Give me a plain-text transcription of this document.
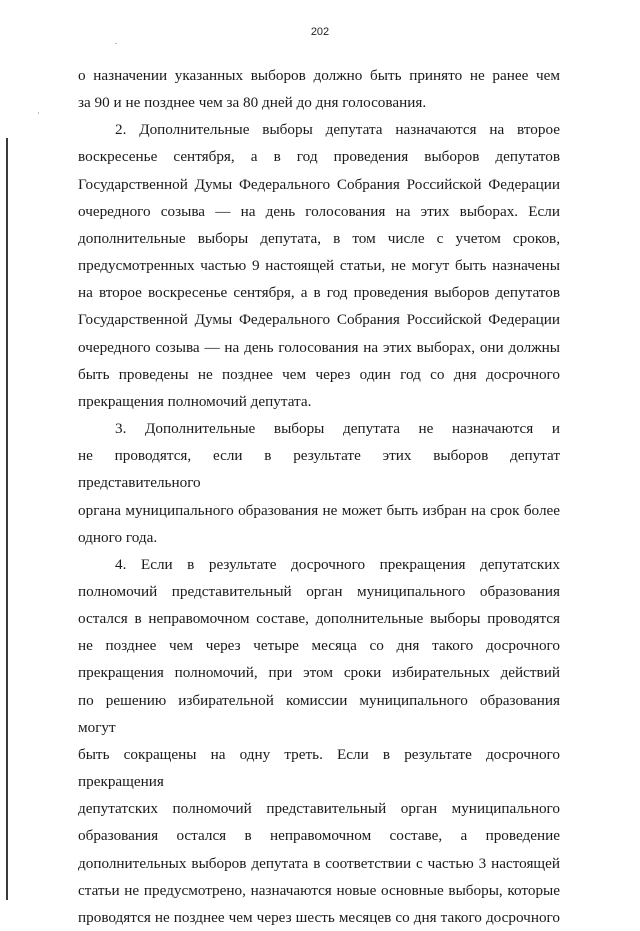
202

о назначении указанных выборов должно быть принято не ранее чем

за 90 и не позднее чем за 80 дней до дня голосования.

2. Дополнительные выборы депутата назначаются на второе

воскресенье сентября, а в год проведения выборов депутатов

Государственной Думы Федерального Собрания Российской Федерации

очередного созыва — на день голосования на этих выборах. Если

дополнительные выборы депутата, в том числе с учетом сроков,

предусмотренных частью 9 настоящей статьи, не могут быть назначены

на второе воскресенье сентября, а в год проведения выборов депутатов

Государственной Думы Федерального Собрания Российской Федерации

очередного созыва — на день голосования на этих выборах, они должны

быть проведены не позднее чем через один год со дня досрочного

прекращения полномочий депутата.

3. Дополнительные выборы депутата не назначаются и

не проводятся, если в результате этих выборов депутат представительного

органа муниципального образования не может быть избран на срок более

одного года.

4. Если в результате досрочного прекращения депутатских

полномочий представительный орган муниципального образования

остался в неправомочном составе, дополнительные выборы проводятся

не позднее чем через четыре месяца со дня такого досрочного

прекращения полномочий, при этом сроки избирательных действий

по решению избирательной комиссии муниципального образования могут

быть сокращены на одну треть. Если в результате досрочного прекращения

депутатских полномочий представительный орган муниципального

образования остался в неправомочном составе, а проведение

дополнительных выборов депутата в соответствии с частью 3 настоящей

статьи не предусмотрено, назначаются новые основные выборы, которые

проводятся не позднее чем через шесть месяцев со дня такого досрочного
